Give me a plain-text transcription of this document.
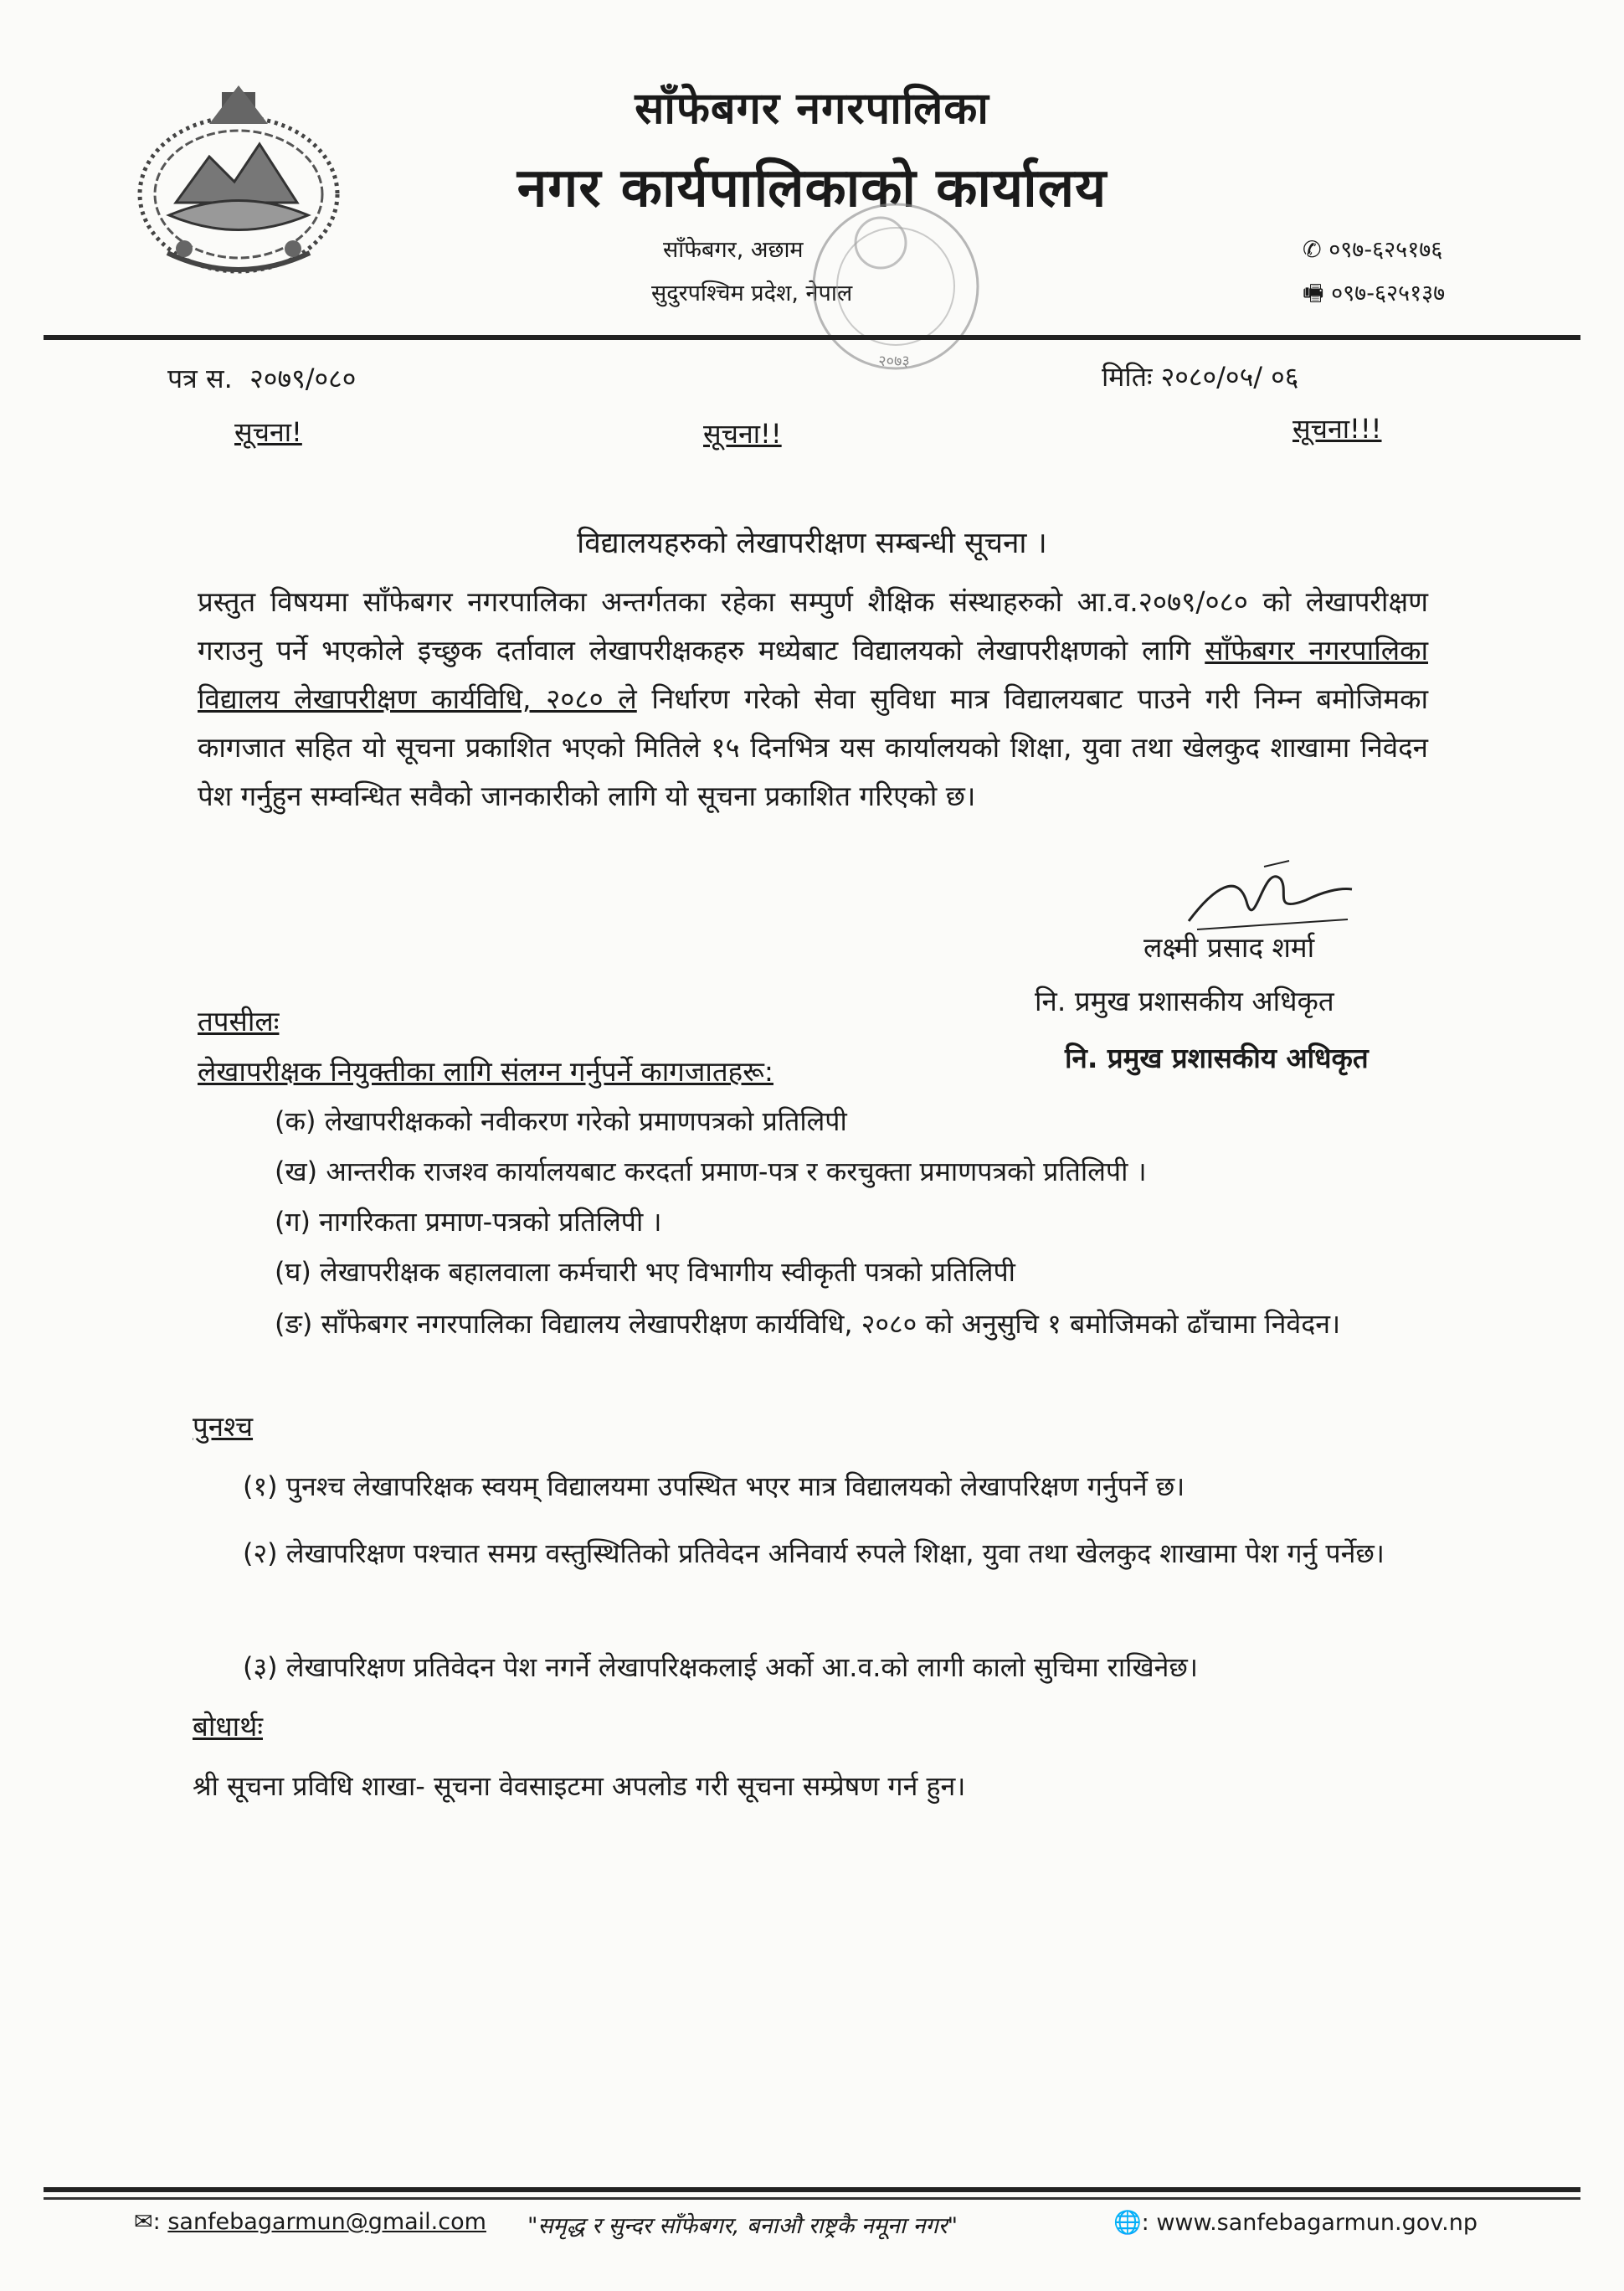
साँफेबगर नगरपालिका
नगर कार्यपालिकाको कार्यालय
साँफेबगर, अछाम
सुदुरपश्चिम प्रदेश, नेपाल
२०७३
✆ ०९७-६२५१७६
🖷 ०९७-६२५१३७
पत्र स.  २०७९/०८०	मितिः २०८०/०५/ ०६
सूचना!	सूचना!!	सूचना!!!
विद्यालयहरुको लेखापरीक्षण सम्बन्धी सूचना ।
प्रस्तुत विषयमा साँफेबगर नगरपालिका अन्तर्गतका रहेका सम्पुर्ण शैक्षिक संस्थाहरुको आ.व.२०७९/०८० को लेखापरीक्षण गराउनु पर्ने भएकोले इच्छुक दर्तावाल लेखापरीक्षकहरु मध्येबाट विद्यालयको लेखापरीक्षणको लागि साँफेबगर नगरपालिका विद्यालय लेखापरीक्षण कार्यविधि, २०८० ले निर्धारण गरेको सेवा सुविधा मात्र विद्यालयबाट पाउने गरी निम्न बमोजिमका कागजात सहित यो सूचना प्रकाशित भएको मितिले १५ दिनभित्र यस कार्यालयको शिक्षा, युवा तथा खेलकुद शाखामा निवेदन पेश गर्नुहुन सम्वन्धित सवैको जानकारीको लागि यो सूचना प्रकाशित गरिएको छ।
लक्ष्मी प्रसाद शर्मा
नि. प्रमुख प्रशासकीय अधिकृत
नि. प्रमुख प्रशासकीय अधिकृत
तपसीलः
लेखापरीक्षक नियुक्तीका लागि संलग्न गर्नुपर्ने कागजातहरू:
(क) लेखापरीक्षकको नवीकरण गरेको प्रमाणपत्रको प्रतिलिपी
(ख) आन्तरीक राजश्व कार्यालयबाट करदर्ता प्रमाण-पत्र र करचुक्ता प्रमाणपत्रको प्रतिलिपी ।
(ग) नागरिकता प्रमाण-पत्रको प्रतिलिपी ।
(घ) लेखापरीक्षक बहालवाला कर्मचारी भए विभागीय स्वीकृती पत्रको प्रतिलिपी
(ङ) साँफेबगर नगरपालिका विद्यालय लेखापरीक्षण कार्यविधि, २०८० को अनुसुचि १ बमोजिमको ढाँचामा निवेदन।
पुनश्च
(१) पुनश्च लेखापरिक्षक स्वयम् विद्यालयमा उपस्थित भएर मात्र विद्यालयको लेखापरिक्षण गर्नुपर्ने छ।
(२) लेखापरिक्षण पश्चात समग्र वस्तुस्थितिको प्रतिवेदन अनिवार्य रुपले शिक्षा, युवा तथा खेलकुद शाखामा पेश गर्नु पर्नेछ।
(३) लेखापरिक्षण प्रतिवेदन पेश नगर्ने लेखापरिक्षकलाई अर्को आ.व.को लागी कालो सुचिमा राखिनेछ।
बोधार्थः
श्री सूचना प्रविधि शाखा- सूचना वेवसाइटमा अपलोड गरी सूचना सम्प्रेषण गर्न हुन।
✉: sanfebagarmun@gmail.com "समृद्ध र सुन्दर साँफेबगर, बनाऔ राष्ट्रकै नमूना नगर"	🌐: www.sanfebagarmun.gov.np
